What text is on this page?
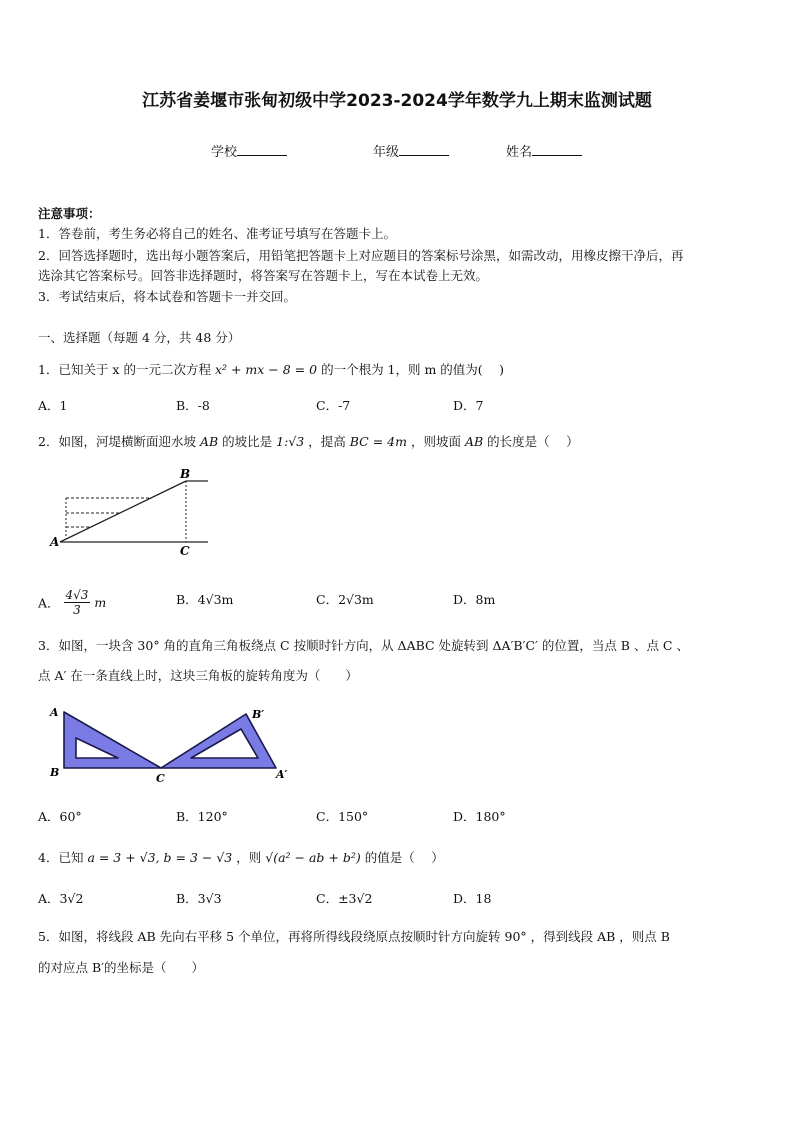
江苏省姜堰市张甸初级中学2023-2024学年数学九上期末监测试题
学校	年级	姓名
注意事项：
1．答卷前，考生务必将自己的姓名、准考证号填写在答题卡上。
2．回答选择题时，选出每小题答案后，用铅笔把答题卡上对应题目的答案标号涂黑，如需改动，用橡皮擦干净后，再
选涂其它答案标号。回答非选择题时，将答案写在答题卡上，写在本试卷上无效。
3．考试结束后，将本试卷和答题卡一并交回。
一、选择题（每题 4 分，共 48 分）
1．已知关于 x 的一元二次方程 x² + mx − 8 = 0 的一个根为 1，则 m 的值为(　 )
A．1	B．-8	C．-7	D．7
2．如图，河堤横断面迎水坡 AB 的坡比是 1:√3 ，提高 BC = 4m ，则坡面 AB 的长度是（　 ）
A
B
C
A． $\frac{4√3}{3}$ m	B．4√3m	C．2√3m	D．8m
3．如图，一块含 30° 角的直角三角板绕点 C 按顺时针方向，从 ΔABC 处旋转到 ΔA′B′C′ 的位置，当点 B 、点 C 、
点 A′ 在一条直线上时，这块三角板的旋转角度为（　　）
A
B	C
B′
A′
A．60°	B．120°	C．150°	D．180°
4．已知 a = 3 + √3, b = 3 − √3 ，则 √(a² − ab + b²) 的值是（　 ）
A．3√2	B．3√3	C．±3√2	D．18
5．如图，将线段 AB 先向右平移 5 个单位，再将所得线段绕原点按顺时针方向旋转 90° ，得到线段 AB ，则点 B
的对应点 B′的坐标是（　　）
